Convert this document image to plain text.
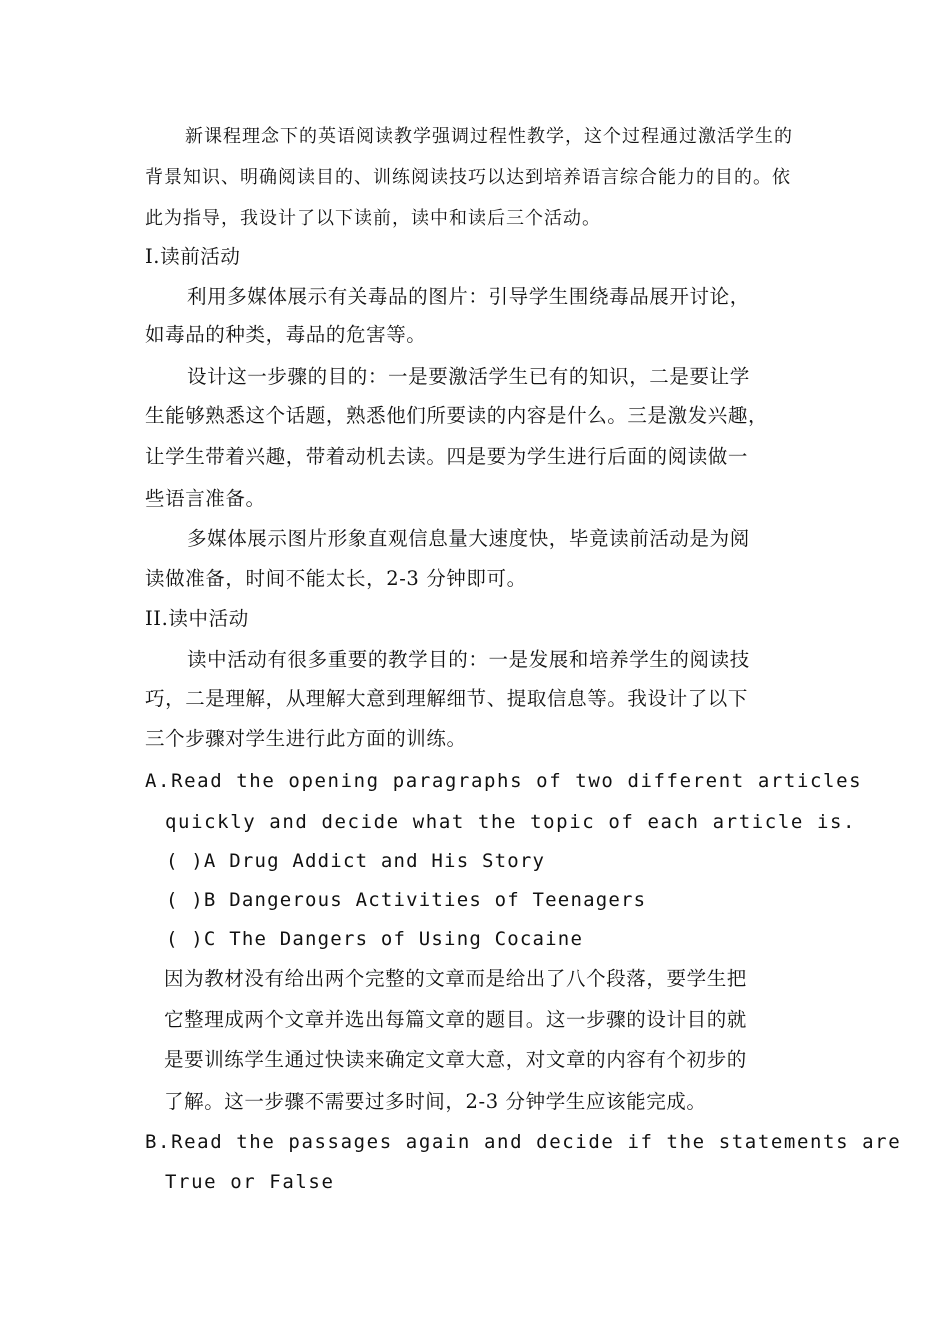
新课程理念下的英语阅读教学强调过程性教学，这个过程通过激活学生的
背景知识、明确阅读目的、训练阅读技巧以达到培养语言综合能力的目的。依
此为指导，我设计了以下读前，读中和读后三个活动。
I.读前活动
利用多媒体展示有关毒品的图片：引导学生围绕毒品展开讨论，
如毒品的种类，毒品的危害等。
设计这一步骤的目的：一是要激活学生已有的知识，二是要让学
生能够熟悉这个话题，熟悉他们所要读的内容是什么。三是激发兴趣，
让学生带着兴趣，带着动机去读。四是要为学生进行后面的阅读做一
些语言准备。
多媒体展示图片形象直观信息量大速度快，毕竟读前活动是为阅
读做准备，时间不能太长，2-3 分钟即可。
II.读中活动
读中活动有很多重要的教学目的：一是发展和培养学生的阅读技
巧，二是理解，从理解大意到理解细节、提取信息等。我设计了以下
三个步骤对学生进行此方面的训练。
A.Read the opening paragraphs of two different articles
quickly and decide what the topic of each article is.
( )A Drug Addict and His Story
( )B Dangerous Activities of Teenagers
( )C The Dangers of Using Cocaine
因为教材没有给出两个完整的文章而是给出了八个段落，要学生把
它整理成两个文章并选出每篇文章的题目。这一步骤的设计目的就
是要训练学生通过快读来确定文章大意，对文章的内容有个初步的
了解。这一步骤不需要过多时间，2-3 分钟学生应该能完成。
B.Read the passages again and decide if the statements are
True or False
